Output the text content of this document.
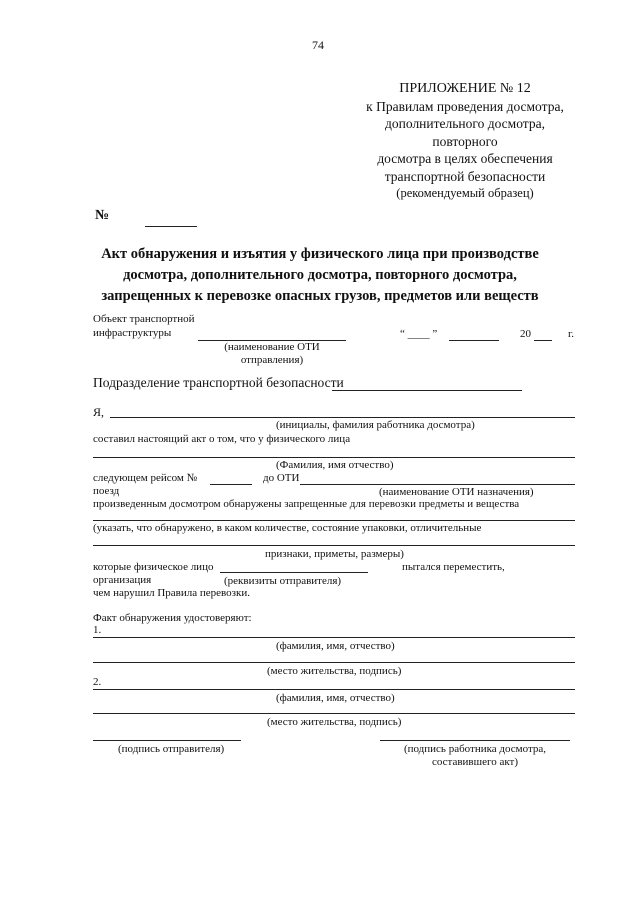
74
ПРИЛОЖЕНИЕ № 12
к Правилам проведения досмотра,
дополнительного досмотра,
повторного
досмотра в целях обеспечения
транспортной безопасности
(рекомендуемый образец)
№
Акт обнаружения и изъятия у физического лица при производстве
досмотра, дополнительного досмотра, повторного досмотра,
запрещенных к перевозке опасных грузов, предметов или веществ
Объект транспортной
инфраструктуры
(наименование ОТИ
отправления)
“ ____ ”	20	г.
Подразделение транспортной безопасности
Я,
(инициалы, фамилия работника досмотра)
составил настоящий акт о том, что у физического лица
(Фамилия, имя отчество)
следующем рейсом №	до ОТИ
поезд	(наименование ОТИ назначения)
произведенным досмотром обнаружены запрещенные для перевозки предметы и вещества
(указать, что обнаружено, в каком количестве, состояние упаковки, отличительные
признаки, приметы, размеры)
которые физическое лицо	пытался переместить,
организация	(реквизиты отправителя)
чем нарушил Правила перевозки.
Факт обнаружения удостоверяют:
1.
(фамилия, имя, отчество)
(место жительства, подпись)
2.
(фамилия, имя, отчество)
(место жительства, подпись)
(подпись отправителя)	(подпись работника досмотра,
составившего акт)
